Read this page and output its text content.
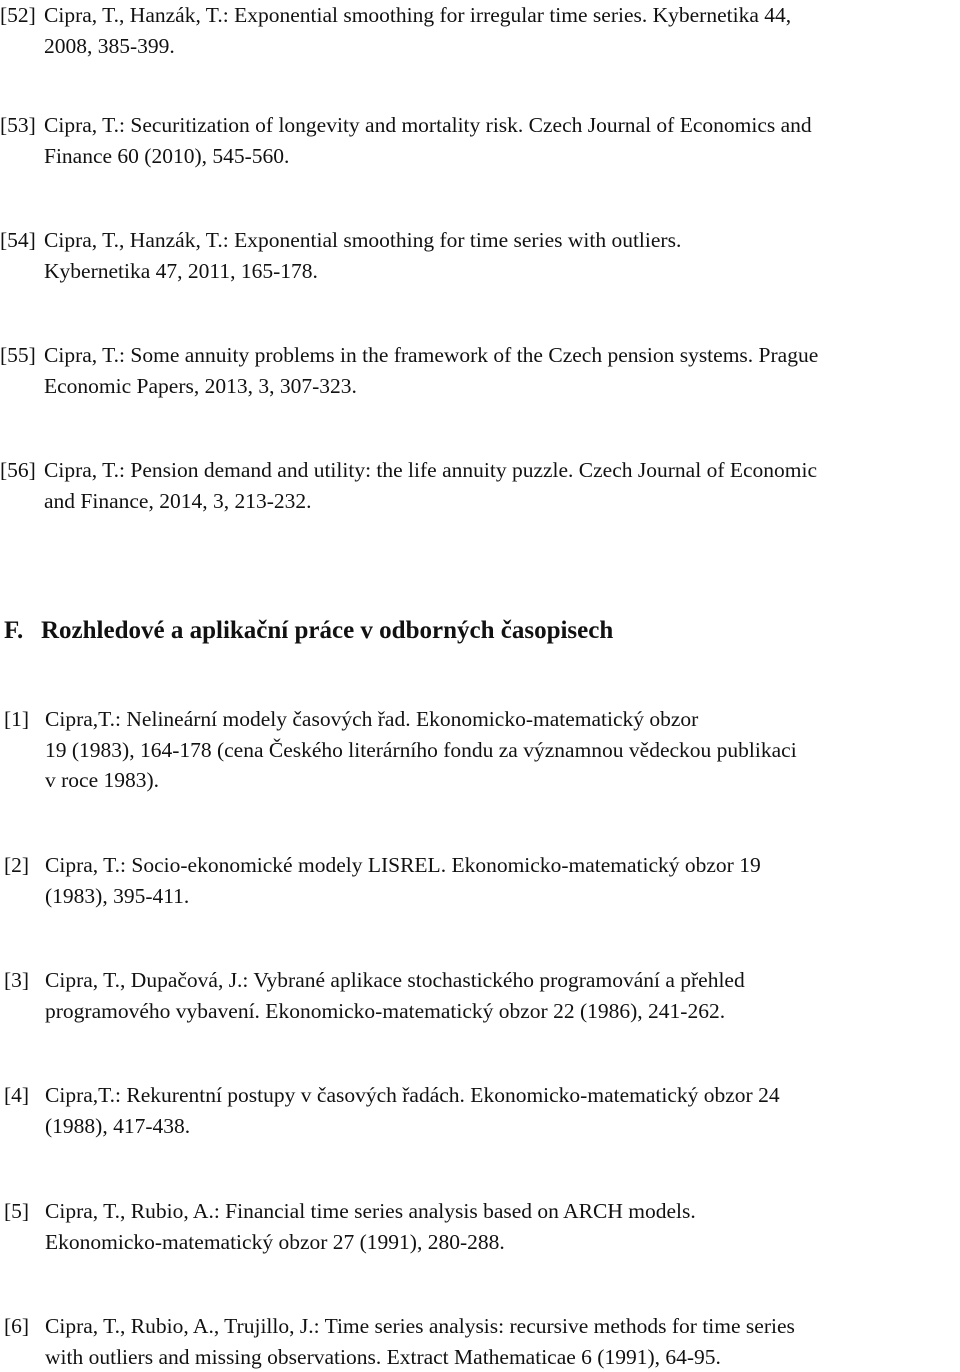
[52] Cipra, T., Hanzák, T.: Exponential smoothing for irregular time series. Kybernetika 44,
2008, 385-399.
[53] Cipra, T.: Securitization of longevity and mortality risk. Czech Journal of Economics and
Finance 60 (2010), 545-560.
[54] Cipra, T., Hanzák, T.: Exponential smoothing for time series with outliers.
Kybernetika 47, 2011, 165-178.
[55] Cipra, T.: Some annuity problems in the framework of the Czech pension systems. Prague
Economic Papers, 2013, 3, 307-323.
[56] Cipra, T.: Pension demand and utility: the life annuity puzzle. Czech Journal of Economic
and Finance, 2014, 3, 213-232.
F. Rozhledové a aplikační práce v odborných časopisech
[1] Cipra,T.: Nelineární modely časových řad. Ekonomicko-matematický obzor
19 (1983), 164-178 (cena Českého literárního fondu za významnou vědeckou publikaci
v roce 1983).
[2] Cipra, T.: Socio-ekonomické modely LISREL. Ekonomicko-matematický obzor 19
(1983), 395-411.
[3] Cipra, T., Dupačová, J.: Vybrané aplikace stochastického programování a přehled
programového vybavení. Ekonomicko-matematický obzor 22 (1986), 241-262.
[4] Cipra,T.: Rekurentní postupy v časových řadách. Ekonomicko-matematický obzor 24
(1988), 417-438.
[5] Cipra, T., Rubio, A.: Financial time series analysis based on ARCH models.
Ekonomicko-matematický obzor 27 (1991), 280-288.
[6] Cipra, T., Rubio, A., Trujillo, J.: Time series analysis: recursive methods for time series
with outliers and missing observations. Extract Mathematicae 6 (1991), 64-95.
